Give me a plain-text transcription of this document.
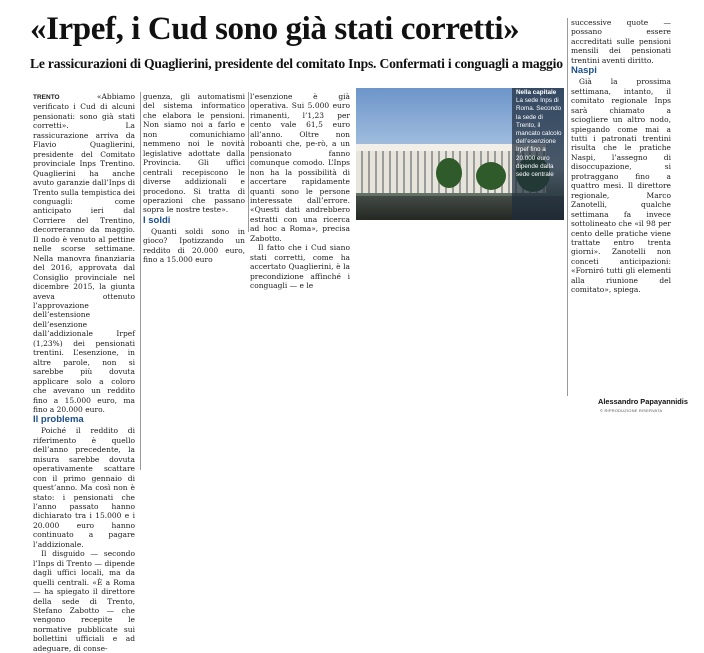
«Irpef, i Cud sono già stati corretti»
Le rassicurazioni di Quaglierini, presidente del comitato Inps. Confermati i conguagli a maggio

TRENTO	«Abbiamo verificato i Cud di alcuni pensionati: sono già stati corretti». La rassicurazione arriva da Flavio Quaglierini, presidente del Comitato provinciale Inps Trentino. Quaglierini ha anche avuto garanzie dall’Inps di Trento sulla tempistica dei conguagli: come anticipato ieri dal Corriere del Trentino, decorreranno da maggio. Il nodo è venuto al pettine nelle scorse settimane. Nella manovra finanziaria del 2016, approvata dal Consiglio provinciale nel dicembre 2015, la giunta aveva ottenuto l’approvazione dell’estensione dell’esenzione dall’addizionale Irpef (1,23%) dei pensionati trentini. L’esenzione, in altre parole, non si sarebbe più dovuta applicare solo a coloro che avevano un reddito fino a 15.000 euro, ma fino a 20.000 euro.

Il problema

Poiché il reddito di riferimento è quello dell’anno precedente, la misura sarebbe dovuta operativamente scattare con il primo gennaio di quest’anno. Ma così non è stato: i pensionati che l’anno passato hanno dichiarato tra i 15.000 e i 20.000 euro hanno continuato a pagare l’addizionale.

Il disguido — secondo l’Inps di Trento — dipende dagli uffici locali, ma da quelli centrali. «È a Roma — ha spiegato il direttore della sede di Trento, Stefano Zabotto — che vengono recepite le normative pubblicate sui bollettini ufficiali e ad adeguare, di conse-

guenza, gli automatismi del sistema informatico che elabora le pensioni. Non siamo noi a farlo e non comunichiamo nemmeno noi le novità legislative adottate dalla Provincia. Gli uffici centrali recepiscono le diverse addizionali e procedono. Si tratta di operazioni che passano sopra le nostre teste».

I soldi

Quanti soldi sono in gioco? Ipotizzando un reddito di 20.000 euro, fino a 15.000 euro

l’esenzione è già operativa. Sui 5.000 euro rimanenti, l’1,23 per cento vale 61,5 euro all’anno. Oltre non roboanti che, pe-rò, a un pensionato fanno comunque comodo. L’Inps non ha la possibilità di accertare rapidamente quanti sono le persone interessate dall’errore. «Questi dati andrebbero estratti con una ricerca ad hoc a Roma», precisa Zabotto.

Il fatto che i Cud siano stati corretti, come ha accertato Quaglierini, è la precondizione affinché i conguagli — e le

Nella capitale
La sede Inps di Roma. Secondo la sede di Trento, il mancato calcolo dell’esenzione Irpef fino a 20.000 euro dipende dalla sede centrale

successive quote — possano essere accreditati sulle pensioni mensili dei pensionati trentini aventi diritto.

Naspi

Già la prossima settimana, intanto, il comitato regionale Inps sarà chiamato a sciogliere un altro nodo, spiegando come mai a tutti i patronati trentini risulta che le pratiche Naspi, l’assegno di disoccupazione, si protraggano fino a quattro mesi. Il direttore regionale, Marco Zanotelli, qualche settimana fa invece sottolineato che «il 98 per cento delle pratiche viene trattate entro trenta giorni». Zanotelli non conceti anticipazioni: «Forniró tutti gli elementi alla riunione del comitato», spiega.

Alessandro Papayannidis
© RIPRODUZIONE RISERVATA
